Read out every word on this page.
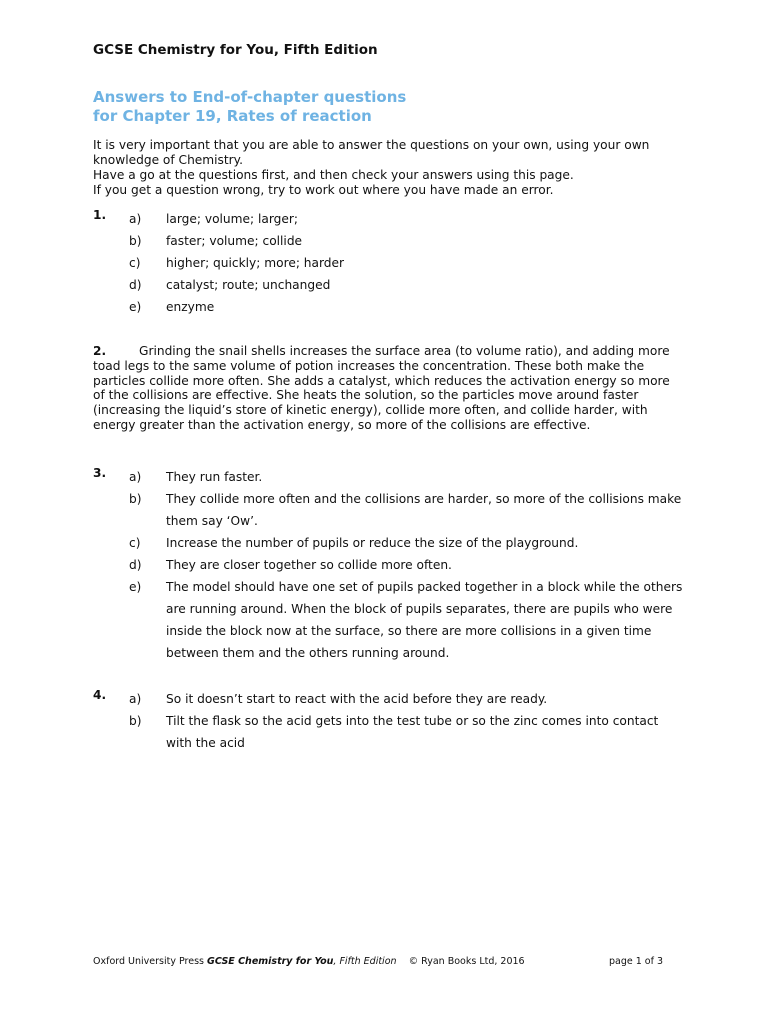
GCSE Chemistry for You, Fifth Edition
Answers to End-of-chapter questions
for Chapter 19, Rates of reaction
It is very important that you are able to answer the questions on your own, using your own knowledge of Chemistry.
Have a go at the questions first, and then check your answers using this page.
If you get a question wrong, try to work out where you have made an error.
1. a) large; volume; larger;
b) faster; volume; collide
c) higher; quickly; more; harder
d) catalyst; route; unchanged
e) enzyme
2.	Grinding the snail shells increases the surface area (to volume ratio), and adding more toad legs to the same volume of potion increases the concentration. These both make the particles collide more often. She adds a catalyst, which reduces the activation energy so more of the collisions are effective. She heats the solution, so the particles move around faster (increasing the liquid’s store of kinetic energy), collide more often, and collide harder, with energy greater than the activation energy, so more of the collisions are effective.
3. a) They run faster.
b) They collide more often and the collisions are harder, so more of the collisions make them say ‘Ow’.
c) Increase the number of pupils or reduce the size of the playground.
d) They are closer together so collide more often.
e) The model should have one set of pupils packed together in a block while the others are running around. When the block of pupils separates, there are pupils who were inside the block now at the surface, so there are more collisions in a given time between them and the others running around.
4. a) So it doesn’t start to react with the acid before they are ready.
b) Tilt the flask so the acid gets into the test tube or so the zinc comes into contact with the acid
Oxford University Press GCSE Chemistry for You, Fifth Edition © Ryan Books Ltd, 2016	page 1 of 3
